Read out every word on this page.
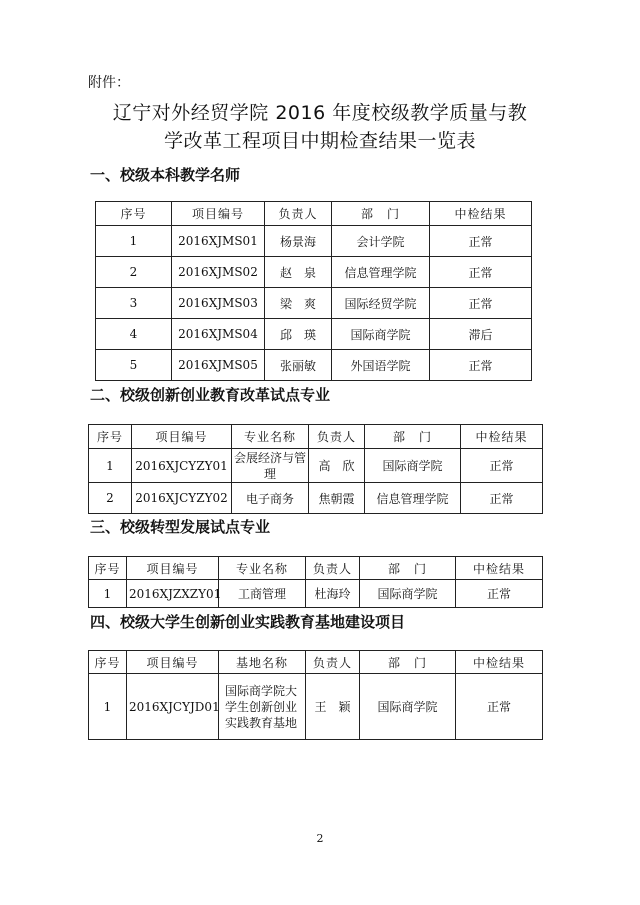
附件：
辽宁对外经贸学院 2016 年度校级教学质量与教
学改革工程项目中期检查结果一览表
一、校级本科教学名师
序号	项目编号	负责人	部　门	中检结果
1	2016XJMS01	杨景海	会计学院	正常
2	2016XJMS02	赵　泉	信息管理学院	正常
3	2016XJMS03	梁　爽	国际经贸学院	正常
4	2016XJMS04	邱　瑛	国际商学院	滞后
5	2016XJMS05	张丽敏	外国语学院	正常
二、校级创新创业教育改革试点专业
序号	项目编号	专业名称	负责人	部　门	中检结果
1	2016XJCYZY01	会展经济与管理	高　欣	国际商学院	正常
2	2016XJCYZY02	电子商务	焦朝霞	信息管理学院	正常
三、校级转型发展试点专业
序号	项目编号	专业名称	负责人	部　门	中检结果
1	2016XJZXZY01	工商管理	杜海玲	国际商学院	正常
四、校级大学生创新创业实践教育基地建设项目
序号	项目编号	基地名称	负责人	部　门	中检结果
1	2016XJCYJD01	国际商学院大学生创新创业实践教育基地	王　颖	国际商学院	正常
2
